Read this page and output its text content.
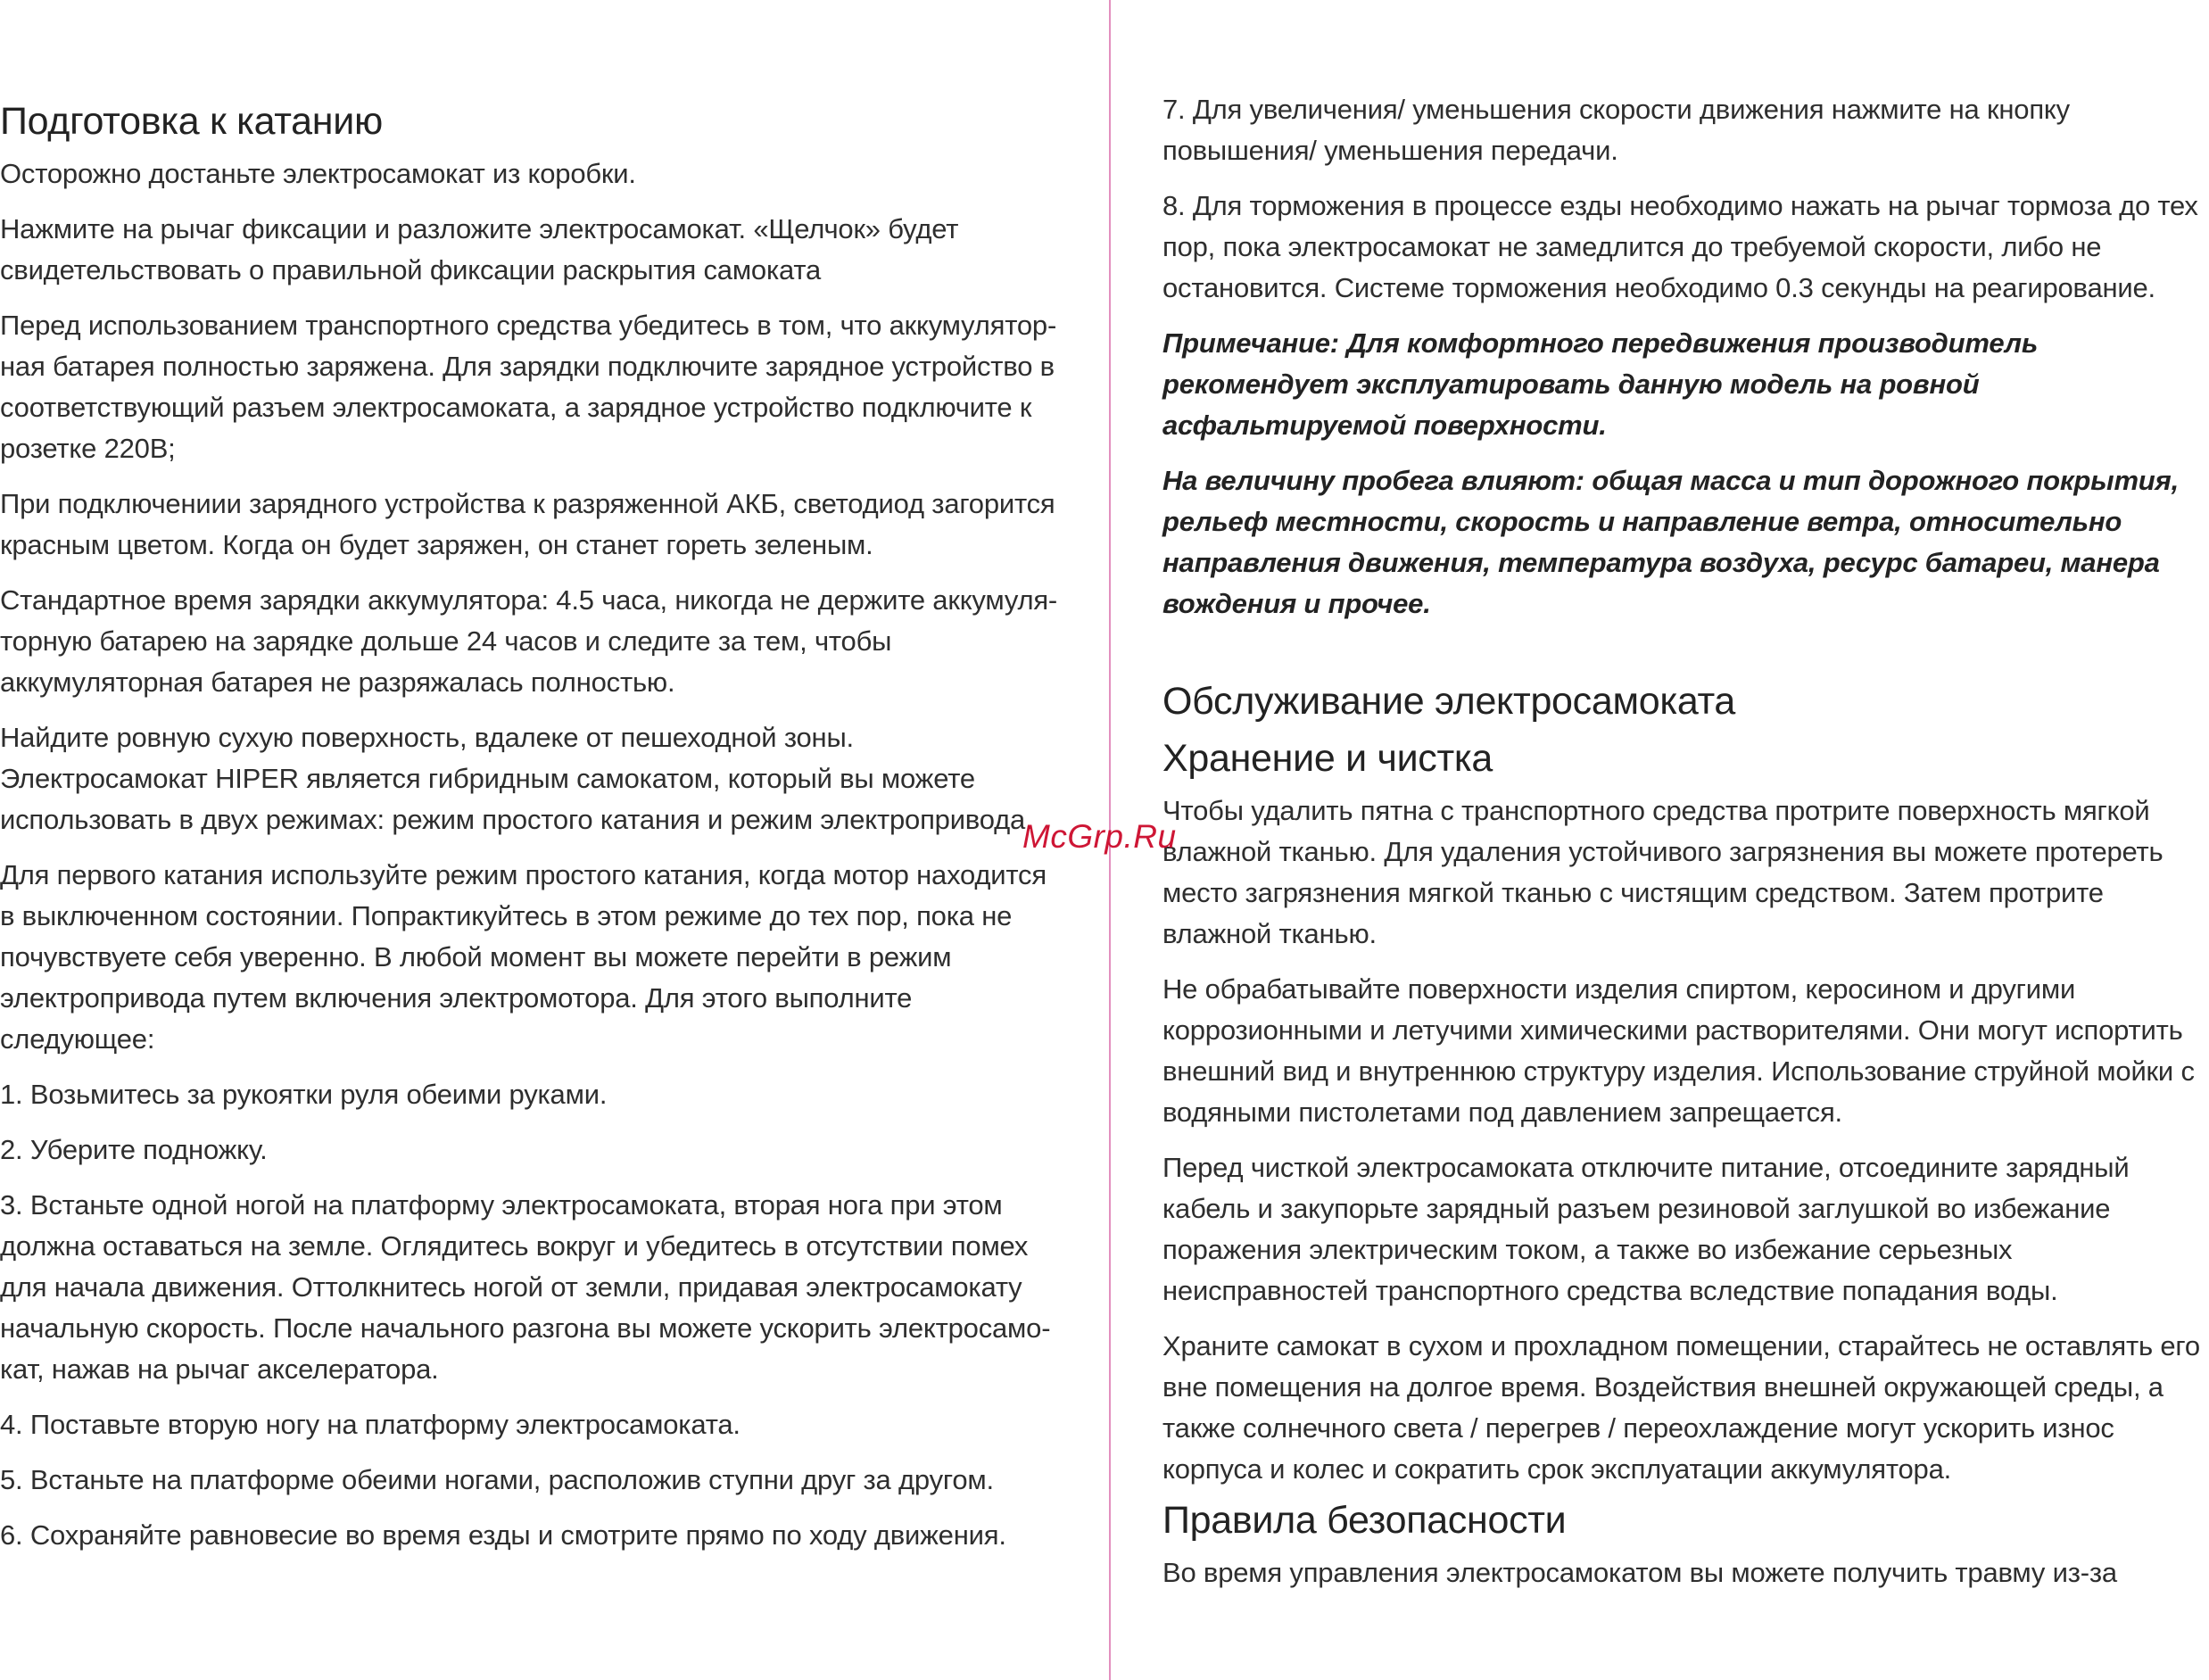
Подготовка к катанию

Осторожно достаньте электросамокат из коробки.

Нажмите на рычаг фиксации и разложите электросамокат. «Щелчок» будет свидетельствовать о правильной фиксации раскрытия самоката

Перед использованием транспортного средства убедитесь в том, что аккумуляторная батарея полностью заряжена. Для зарядки подключите зарядное устройство в соответствующий разъем электросамоката, а зарядное устройство подключите к розетке 220В;

При подключениии зарядного устройства к разряженной АКБ, светодиод загорится красным цветом. Когда он будет заряжен, он станет гореть зеленым.

Стандартное время зарядки аккумулятора: 4.5 часа, никогда не держите аккумуляторную батарею на зарядке дольше 24 часов и следите за тем, чтобы аккумуляторная батарея не разряжалась полностью.

Найдите ровную сухую поверхность, вдалеке от пешеходной зоны. Электросамокат HIPER является гибридным самокатом, который вы можете использовать в двух режимах: режим простого катания и режим электропривода.

Для первого катания используйте режим простого катания, когда мотор находится в выключенном состоянии. Попрактикуйтесь в этом режиме до тех пор, пока не почувствуете себя уверенно. В любой момент вы можете перейти в режим электропривода путем включения электромотора. Для этого выполните следующее:

1. Возьмитесь за рукоятки руля обеими руками.

2. Уберите подножку.

3. Встаньте одной ногой на платформу электросамоката, вторая нога при этом должна оставаться на земле. Оглядитесь вокруг и убедитесь в отсутствии помех для начала движения. Оттолкнитесь ногой от земли, придавая электросамокату начальную скорость. После начального разгона вы можете ускорить электросамокат, нажав на рычаг акселератора.

4. Поставьте вторую ногу на платформу электросамоката.

5. Встаньте на платформе обеими ногами, расположив ступни друг за другом.

6. Сохраняйте равновесие во время езды и смотрите прямо по ходу движения.

7. Для увеличения/ уменьшения скорости движения нажмите на кнопку повышения/ уменьшения передачи.

8. Для торможения в процессе езды необходимо нажать на рычаг тормоза до тех пор, пока электросамокат не замедлится до требуемой скорости, либо не остановится. Системе торможения необходимо 0.3 секунды на реагирование.

Примечание: Для комфортного передвижения производитель рекомендует эксплуатировать данную модель на ровной асфальтируемой поверхности.

На величину пробега влияют: общая масса и тип дорожного покрытия, рельеф местности, скорость и направление ветра, относительно направления движения, температура воздуха, ресурс батареи, манера вождения и прочее.

Обслуживание электросамоката
Хранение и чистка

Чтобы удалить пятна с транспортного средства протрите поверхность мягкой влажной тканью. Для удаления устойчивого загрязнения вы можете протереть место загрязнения мягкой тканью с чистящим средством. Затем протрите влажной тканью.

Не обрабатывайте поверхности изделия спиртом, керосином и другими коррозионными и летучими химическими растворителями. Они могут испортить внешний вид и внутреннюю структуру изделия. Использование струйной мойки с водяными пистолетами под давлением запрещается.

Перед чисткой электросамоката отключите питание, отсоедините зарядный кабель и закупорьте зарядный разъем резиновой заглушкой во избежание поражения электрическим током, а также во избежание серьезных неисправностей транспортного средства вследствие попадания воды.

Храните самокат в сухом и прохладном помещении, старайтесь не оставлять его вне помещения на долгое время. Воздействия внешней окружающей среды, а также солнечного света / перегрев / переохлаждение могут ускорить износ корпуса и колес и сократить срок эксплуатации аккумулятора.

Правила безопасности

Во время управления электросамокатом вы можете получить травму из-за

McGrp.Ru
